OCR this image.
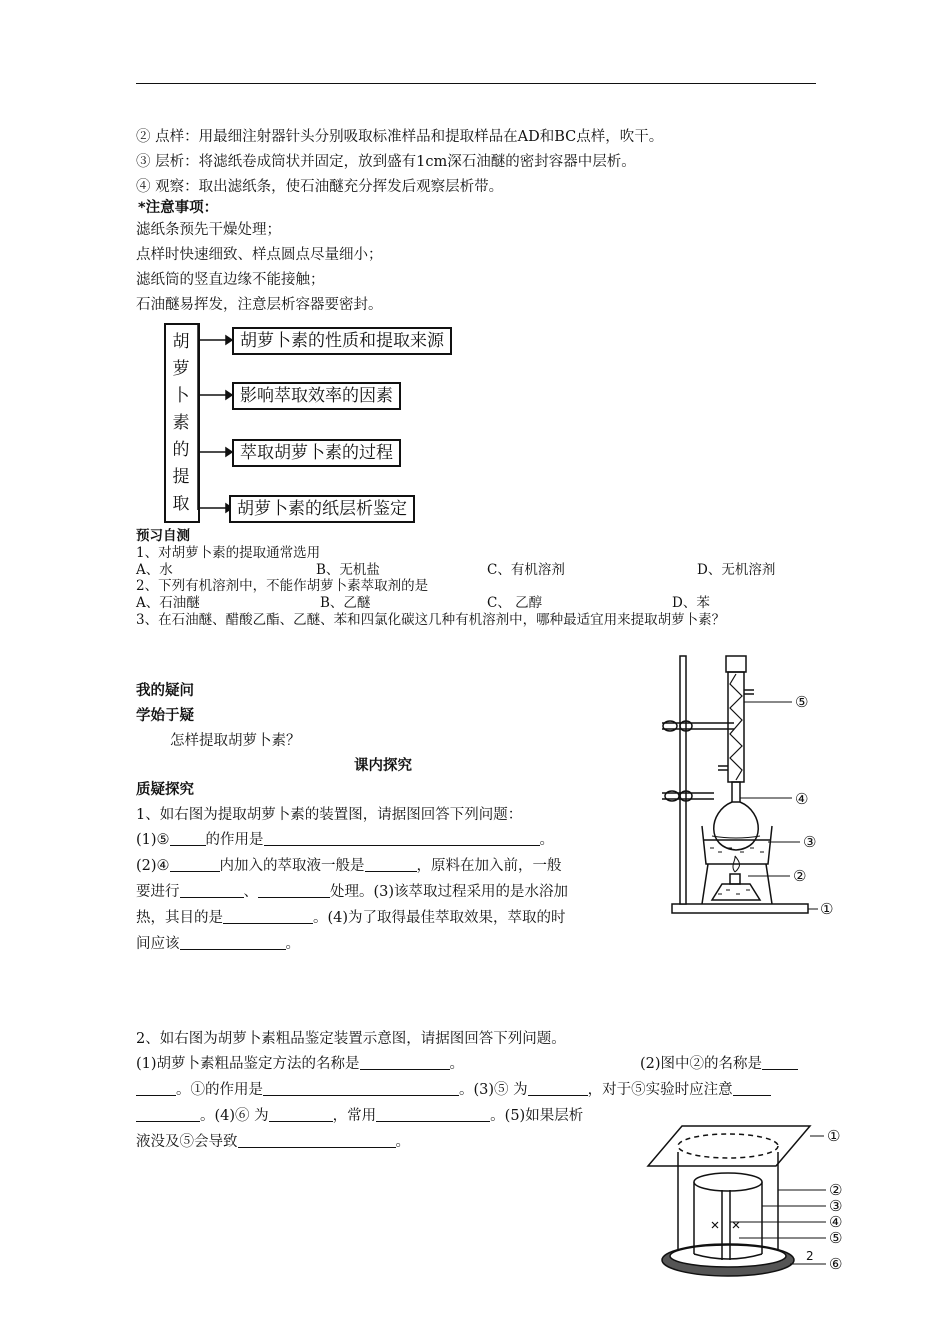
② 点样：用最细注射器针头分别吸取标准样品和提取样品在AD和BC点样，吹干。
③ 层析：将滤纸卷成筒状并固定，放到盛有1cm深石油醚的密封容器中层析。
④ 观察：取出滤纸条，使石油醚充分挥发后观察层析带。
*注意事项：
滤纸条预先干燥处理；
点样时快速细致、样点圆点尽量细小；
滤纸筒的竖直边缘不能接触；
石油醚易挥发，注意层析容器要密封。
胡
萝
卜
素
的
提
取
胡萝卜素的性质和提取来源
影响萃取效率的因素
萃取胡萝卜素的过程
胡萝卜素的纸层析鉴定
预习自测
1、对胡萝卜素的提取通常选用
A、水	B、无机盐	C、有机溶剂	D、无机溶剂
2、下列有机溶剂中，不能作胡萝卜素萃取剂的是
A、石油醚	B、乙醚	C、 乙醇	D、苯
3、在石油醚、醋酸乙酯、乙醚、苯和四氯化碳这几种有机溶剂中，哪种最适宜用来提取胡萝卜素？
我的疑问
学始于疑
怎样提取胡萝卜素？
课内探究
质疑探究
1、如右图为提取胡萝卜素的装置图，请据图回答下列问题：
(1)⑤ 的作用是	。
(2)④	内加入的萃取液一般是	，原料在加入前，一般
要进行	、	处理。(3)该萃取过程采用的是水浴加
热，其目的是	。(4)为了取得最佳萃取效果，萃取的时
间应该	。
⑤
④
③
②
①
2、如右图为胡萝卜素粗品鉴定装置示意图，请据图回答下列问题。
(1)胡萝卜素粗品鉴定方法的名称是	。	(2)图中②的名称是
。①的作用是	。(3)⑤ 为	，对于⑤实验时应注意
。(4)⑥ 为	，常用	。(5)如果层析
液没及⑤会导致	。	①
②
③
④
⑤
⑥
2
